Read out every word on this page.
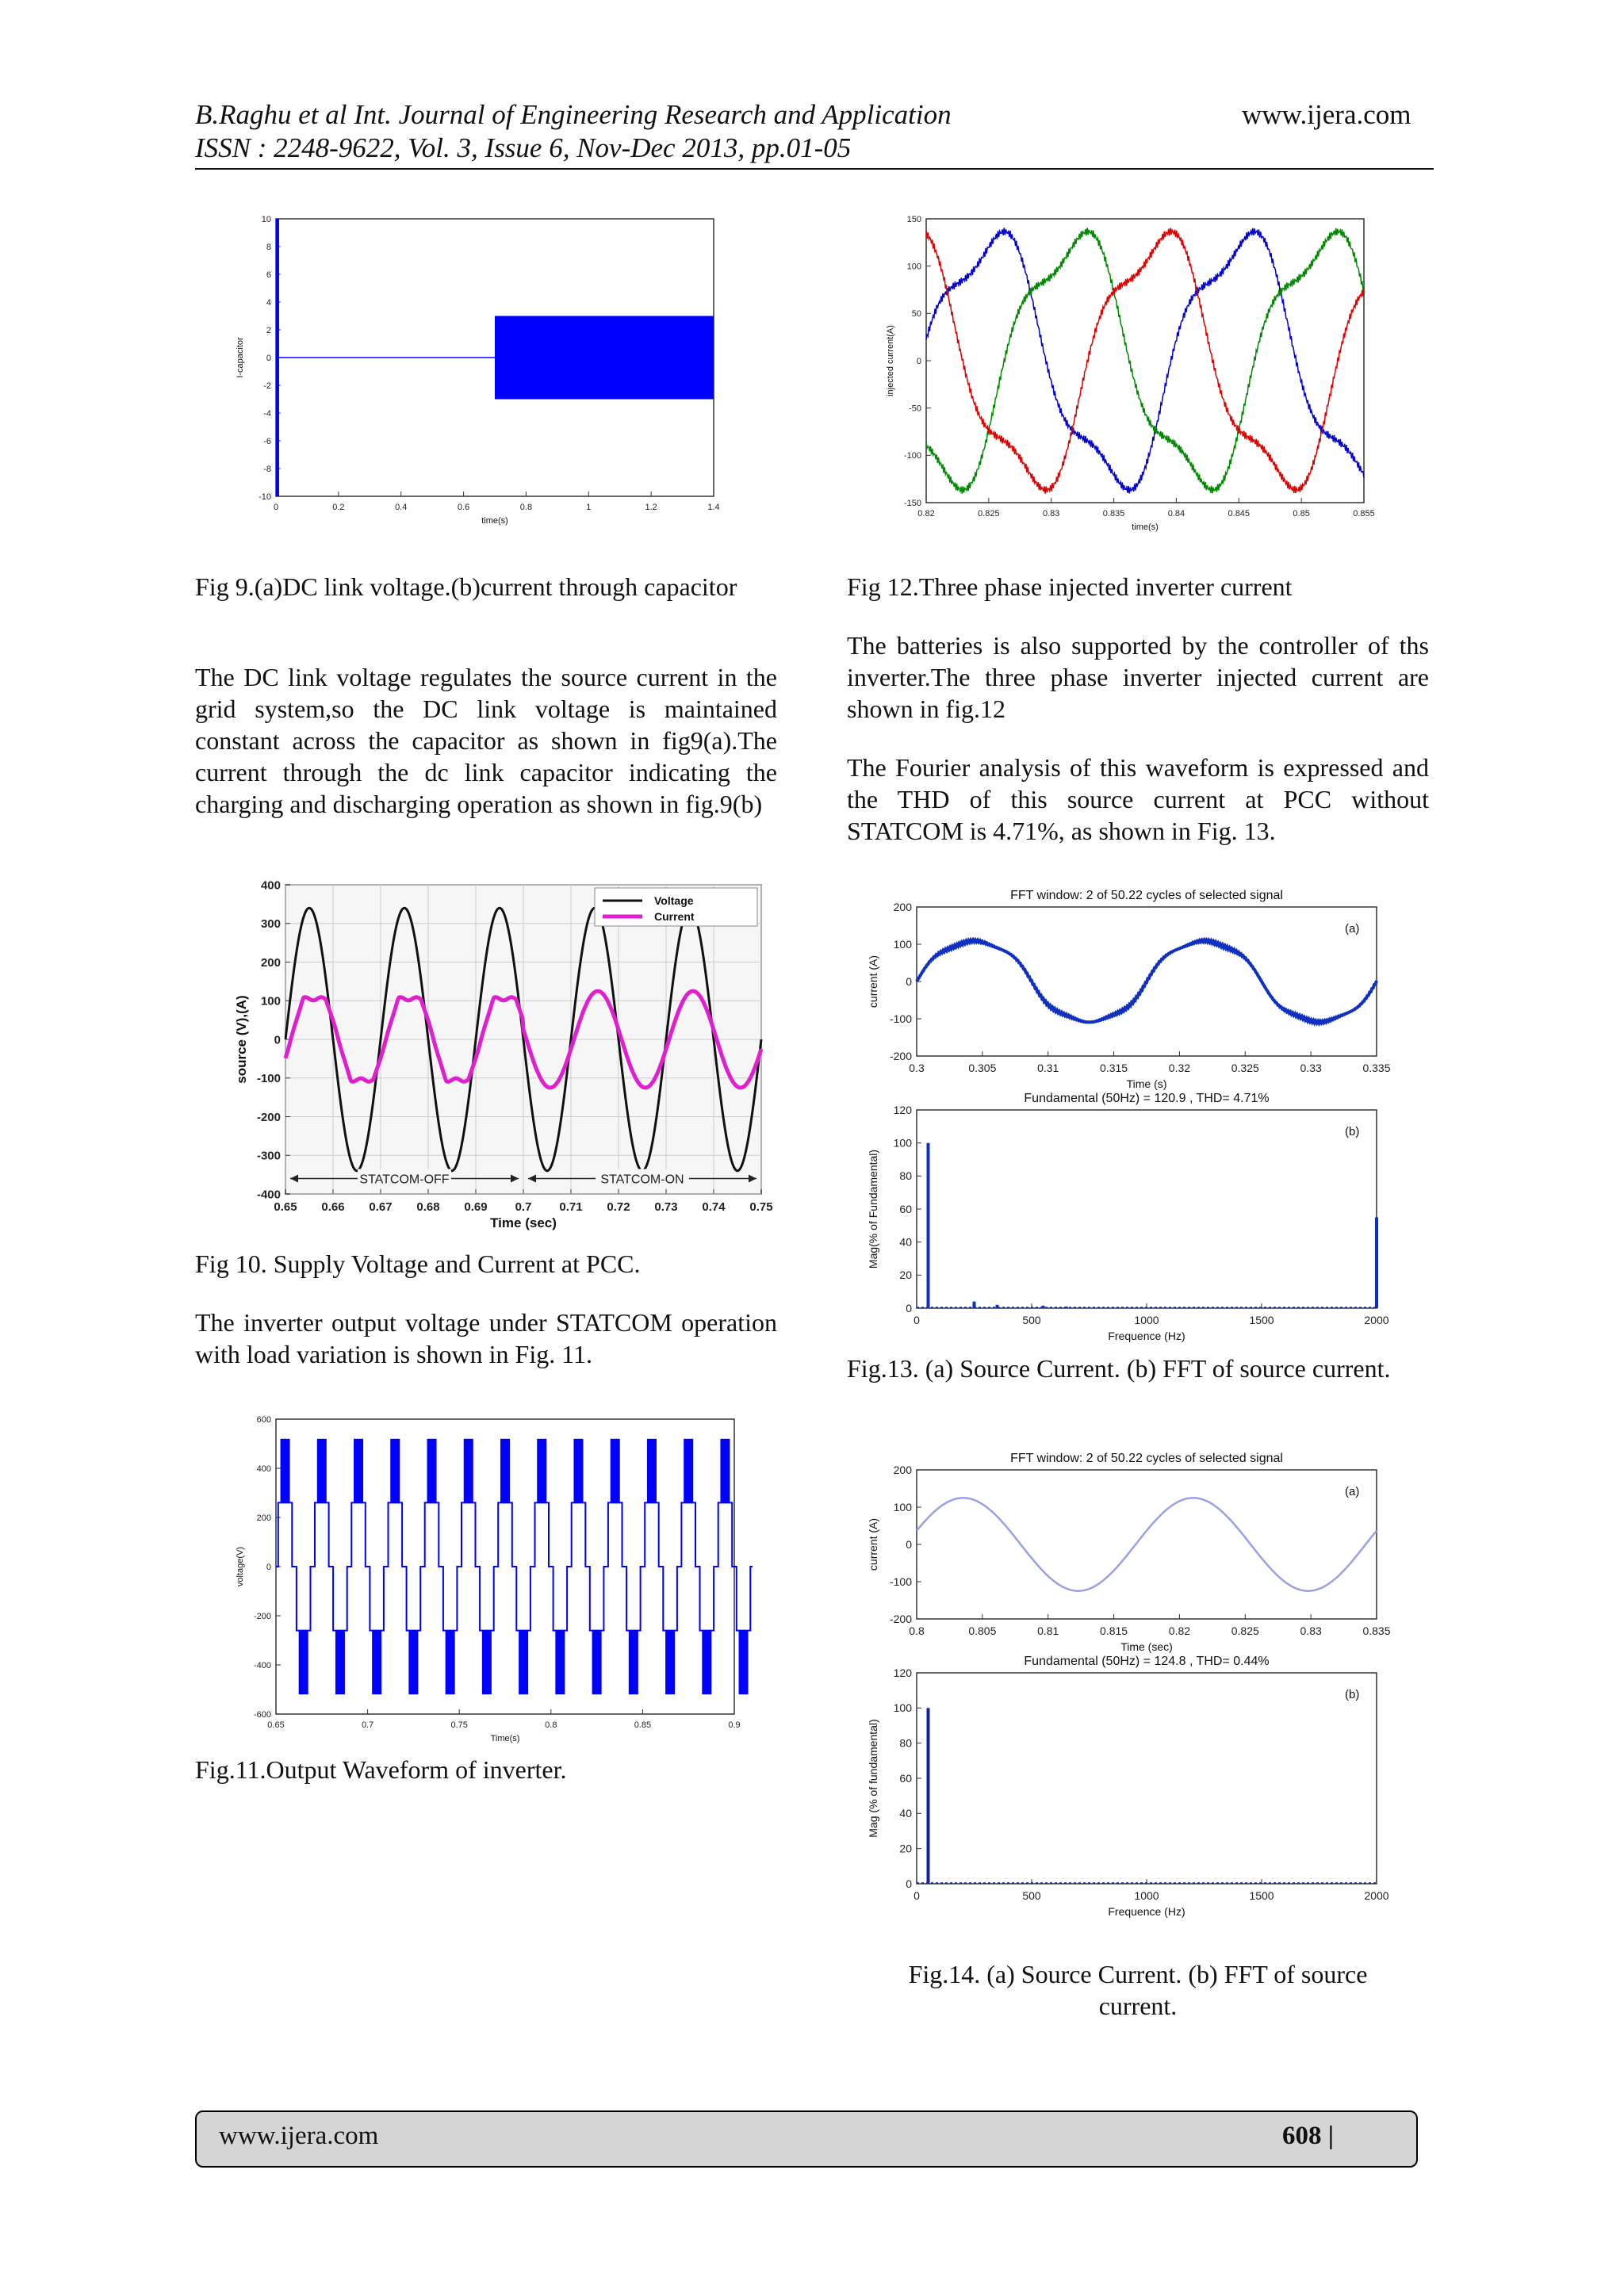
B.Raghu et al Int. Journal of Engineering Research and Application
ISSN : 2248-9622, Vol. 3, Issue 6, Nov-Dec 2013, pp.01-05
www.ijera.com
0	0.2	0.4	0.6	0.8	1	1.2	1.4
10
8
6
4
2
0
-2
-4
-6
-8
-10
time(s)
I-capacitor
0.82	0.825	0.83	0.835	0.84	0.845	0.85	0.855
150
100
50
0
-50
-100
-150
time(s)
injected current(A)
0.65 0.66 0.67 0.68 0.69 0.7 0.71 0.72 0.73 0.74 0.75
400
300
200
100
0
-100
-200
-300
-400
Time (sec)
source (V),(A)
Voltage
Current
STATCOM-OFF	STATCOM-ON
0.65	0.7	0.75	0.8	0.85	0.9
600
400
200
0
-200
-400
-600
Time(s)
voltage(V)
0.3	0.305	0.31	0.315	0.32	0.325	0.33	0.335
200
100
0
-100
-200
Time (s)
current (A)
FFT window: 2 of 50.22 cycles of selected signal
(a)
0	500	1000	1500	2000
120
100
80
60
40
20
0
Frequence (Hz)
Mag(% of Fundamental)
Fundamental (50Hz) = 120.9 , THD= 4.71%
(b)
0.8	0.805	0.81	0.815	0.82	0.825	0.83	0.835
200
100
0
-100
-200
Time (sec)
current (A)
FFT window: 2 of 50.22 cycles of selected signal
(a)
0	500	1000	1500	2000
120
100
80
60
40
20
0
Frequence (Hz)
Mag (% of fundamental)
Fundamental (50Hz) = 124.8 , THD= 0.44%
(b)
Fig 9.(a)DC link voltage.(b)current through capacitor
The DC link voltage regulates the source current in the grid system,so the DC link voltage is maintained constant across the capacitor as shown in fig9(a).The current through the dc link capacitor indicating the charging and discharging operation as shown in fig.9(b)
Fig 10. Supply Voltage and Current at PCC.
The inverter output voltage under STATCOM operation with load variation is shown in Fig. 11.
Fig.11.Output Waveform of inverter.
Fig 12.Three phase injected inverter current
The batteries is also supported by the controller of ths inverter.The three phase inverter injected current are shown in fig.12
The Fourier analysis of this waveform is expressed and the THD of this source current at PCC without STATCOM is 4.71%, as shown in Fig. 13.
Fig.13. (a) Source Current. (b) FFT of source current.
Fig.14. (a) Source Current. (b) FFT of source current.
www.ijera.com	608 |
